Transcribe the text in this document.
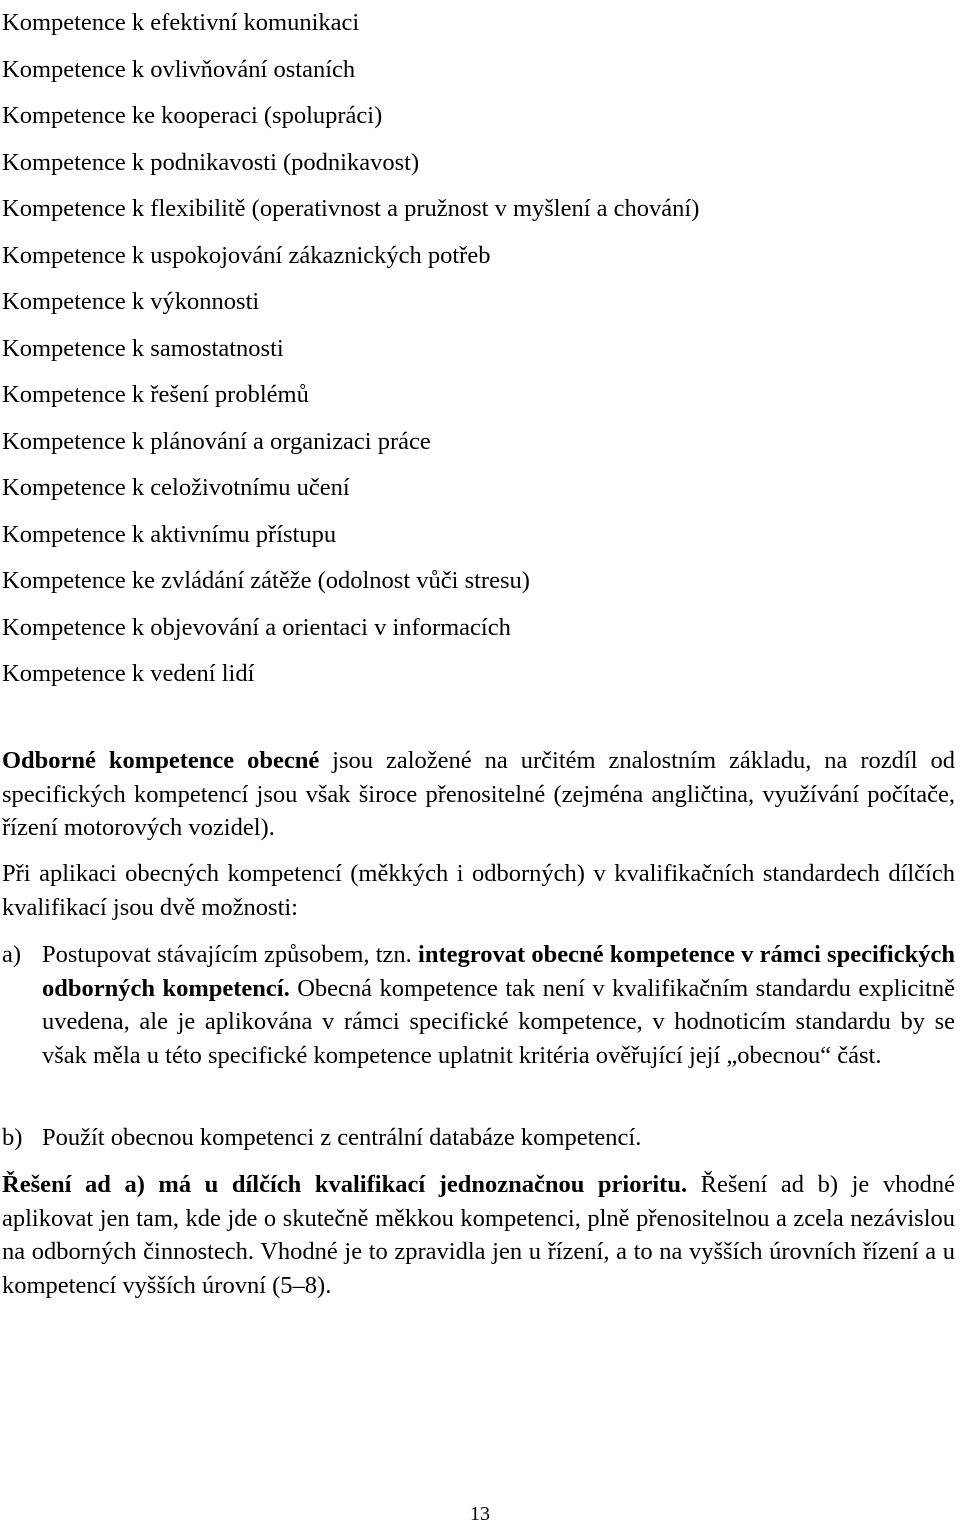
Kompetence k efektivní komunikaci
Kompetence k ovlivňování ostaních
Kompetence ke kooperaci (spolupráci)
Kompetence k podnikavosti (podnikavost)
Kompetence k flexibilitě (operativnost a pružnost v myšlení a chování)
Kompetence k uspokojování zákaznických potřeb
Kompetence k výkonnosti
Kompetence k samostatnosti
Kompetence k řešení problémů
Kompetence k plánování a organizaci práce
Kompetence k celoživotnímu učení
Kompetence k aktivnímu přístupu
Kompetence ke zvládání zátěže (odolnost vůči stresu)
Kompetence k objevování a orientaci v informacích
Kompetence k vedení lidí

Odborné kompetence obecné jsou založené na určitém znalostním základu, na rozdíl od specifických kompetencí jsou však široce přenositelné (zejména angličtina, využívání počítače, řízení motorových vozidel).

Při aplikaci obecných kompetencí (měkkých i odborných) v kvalifikačních standardech dílčích kvalifikací jsou dvě možnosti:

a) Postupovat stávajícím způsobem, tzn. integrovat obecné kompetence v rámci specifických odborných kompetencí. Obecná kompetence tak není v kvalifikačním standardu explicitně uvedena, ale je aplikována v rámci specifické kompetence, v hodnoticím standardu by se však měla u této specifické kompetence uplatnit kritéria ověřující její „obecnou“ část.
b) Použít obecnou kompetenci z centrální databáze kompetencí.

Řešení ad a) má u dílčích kvalifikací jednoznačnou prioritu. Řešení ad b) je vhodné aplikovat jen tam, kde jde o skutečně měkkou kompetenci, plně přenositelnou a zcela nezávislou na odborných činnostech. Vhodné je to zpravidla jen u řízení, a to na vyšších úrovních řízení a u kompetencí vyšších úrovní (5–8).

13
